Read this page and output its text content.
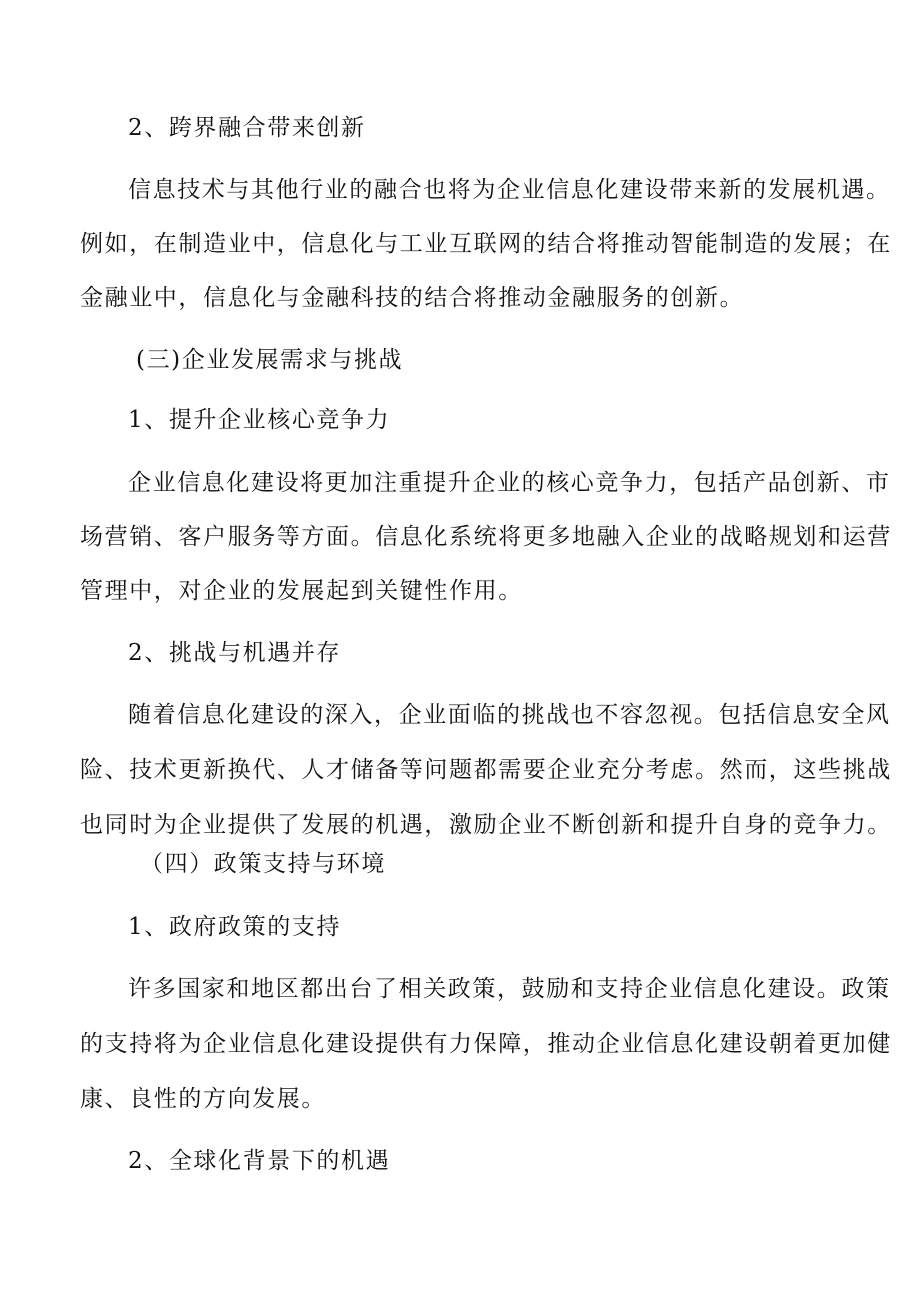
2、跨界融合带来创新
信息技术与其他行业的融合也将为企业信息化建设带来新的发展机遇。
例如，在制造业中，信息化与工业互联网的结合将推动智能制造的发展；在
金融业中，信息化与金融科技的结合将推动金融服务的创新。
(三)企业发展需求与挑战
1、提升企业核心竞争力
企业信息化建设将更加注重提升企业的核心竞争力，包括产品创新、市
场营销、客户服务等方面。信息化系统将更多地融入企业的战略规划和运营
管理中，对企业的发展起到关键性作用。
2、挑战与机遇并存
随着信息化建设的深入，企业面临的挑战也不容忽视。包括信息安全风
险、技术更新换代、人才储备等问题都需要企业充分考虑。然而，这些挑战
也同时为企业提供了发展的机遇，激励企业不断创新和提升自身的竞争力。
（四）政策支持与环境
1、政府政策的支持
许多国家和地区都出台了相关政策，鼓励和支持企业信息化建设。政策
的支持将为企业信息化建设提供有力保障，推动企业信息化建设朝着更加健
康、良性的方向发展。
2、全球化背景下的机遇
